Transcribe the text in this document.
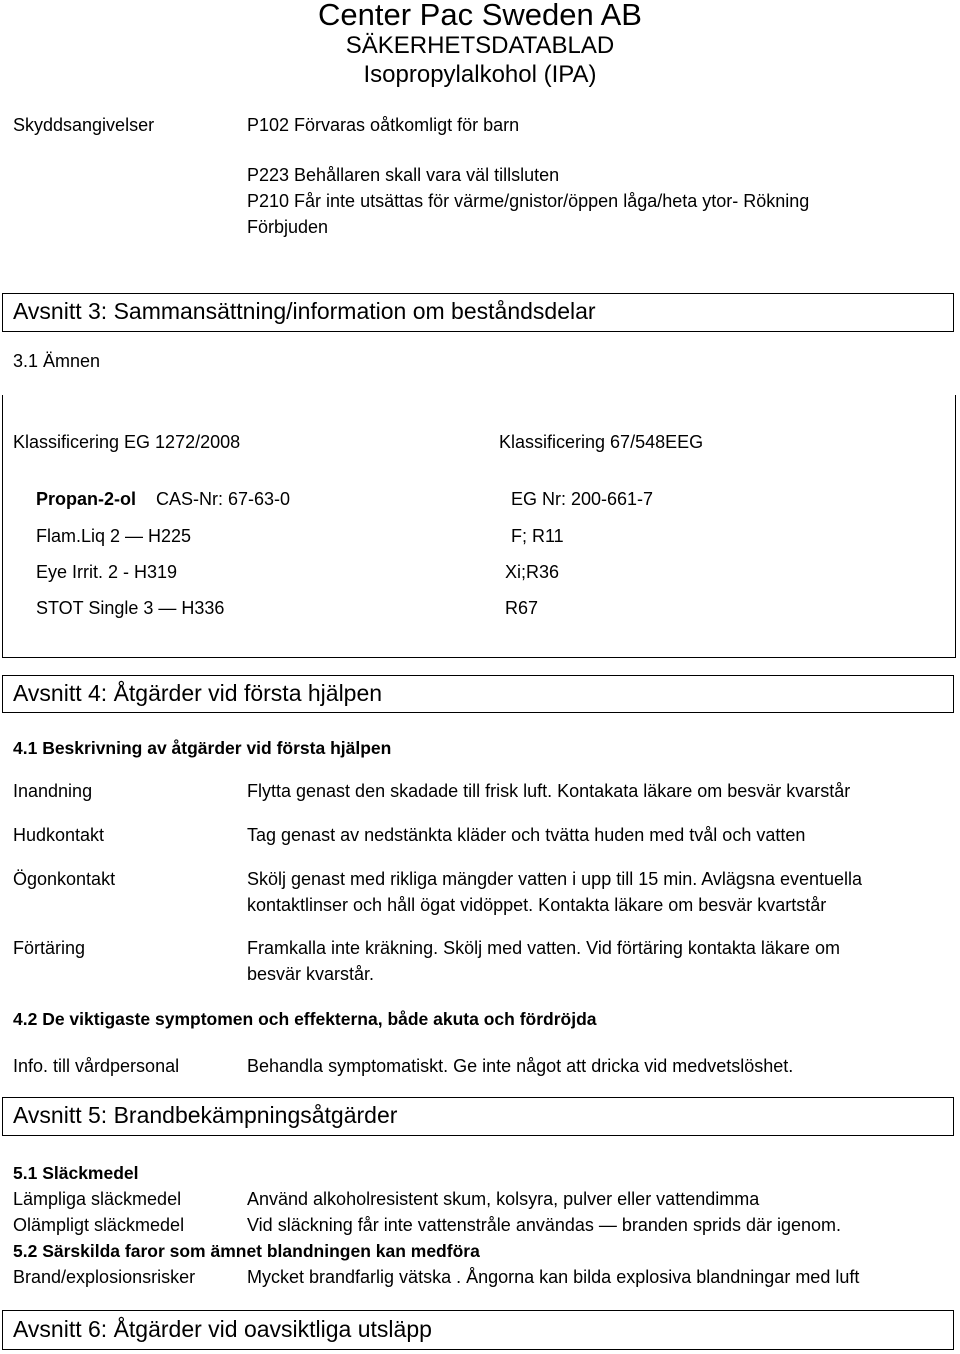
Center Pac Sweden AB
SÄKERHETSDATABLAD
Isopropylalkohol (IPA)
Skyddsangivelser	P102 Förvaras oåtkomligt för barn
P223 Behållaren skall vara väl tillsluten
P210 Får inte utsättas för värme/gnistor/öppen låga/heta ytor- Rökning
Förbjuden
Avsnitt 3: Sammansättning/information om beståndsdelar
3.1 Ämnen
Klassificering EG 1272/2008	Klassificering 67/548EEG
Propan-2-ol CAS-Nr: 67-63-0	EG Nr: 200-661-7
Flam.Liq 2 — H225	F; R11
Eye Irrit. 2 - H319	Xi;R36
STOT Single 3 — H336	R67
Avsnitt 4: Åtgärder vid första hjälpen
4.1 Beskrivning av åtgärder vid första hjälpen
Inandning	Flytta genast den skadade till frisk luft. Kontakata läkare om besvär kvarstår
Hudkontakt	Tag genast av nedstänkta kläder och tvätta huden med tvål och vatten
Ögonkontakt	Skölj genast med rikliga mängder vatten i upp till 15 min. Avlägsna eventuella
kontaktlinser och håll ögat vidöppet. Kontakta läkare om besvär kvartstår
Förtäring	Framkalla inte kräkning. Skölj med vatten. Vid förtäring kontakta läkare om
besvär kvarstår.
4.2 De viktigaste symptomen och effekterna, både akuta och fördröjda
Info. till vårdpersonal	Behandla symptomatiskt. Ge inte något att dricka vid medvetslöshet.
Avsnitt 5: Brandbekämpningsåtgärder
5.1 Släckmedel
Lämpliga släckmedel	Använd alkoholresistent skum, kolsyra, pulver eller vattendimma
Olämpligt släckmedel	Vid släckning får inte vattenstråle användas — branden sprids där igenom.
5.2 Särskilda faror som ämnet blandningen kan medföra
Brand/explosionsrisker	Mycket brandfarlig vätska . Ångorna kan bilda explosiva blandningar med luft
Avsnitt 6: Åtgärder vid oavsiktliga utsläpp
